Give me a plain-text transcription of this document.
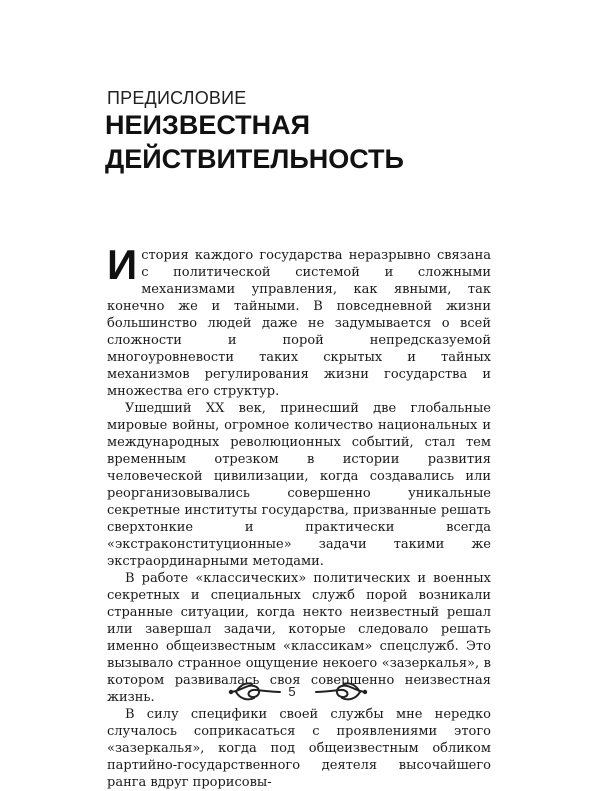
ПРЕДИСЛОВИЕ
НЕИЗВЕСТНАЯ
ДЕЙСТВИТЕЛЬНОСТЬ

История каждого государства неразрывно связана с политической системой и сложными механизмами управления, как явными, так конечно же и тайными. В повседневной жизни большинство людей даже не задумывается о всей сложности и порой непредсказуемой многоуровневости таких скрытых и тайных механизмов регулирования жизни государства и множества его структур.

Ушедший XX век, принесший две глобальные мировые войны, огромное количество национальных и международных революционных событий, стал тем временным отрезком в истории развития человеческой цивилизации, когда создавались или реорганизовывались совершенно уникальные секретные институты государства, призванные решать сверхтонкие и практически всегда «экстраконституционные» задачи такими же экстраординарными методами.

В работе «классических» политических и военных секретных и специальных служб порой возникали странные ситуации, когда некто неизвестный решал или завершал задачи, которые следовало решать именно общеизвестным «классикам» спецслужб. Это вызывало странное ощущение некоего «зазеркалья», в котором развивалась своя совершенно неизвестная жизнь.

В силу специфики своей службы мне нередко случалось соприкасаться с проявлениями этого «зазеркалья», когда под общеизвестным обликом партийно-государственного деятеля высочайшего ранга вдруг прорисовы-

5
